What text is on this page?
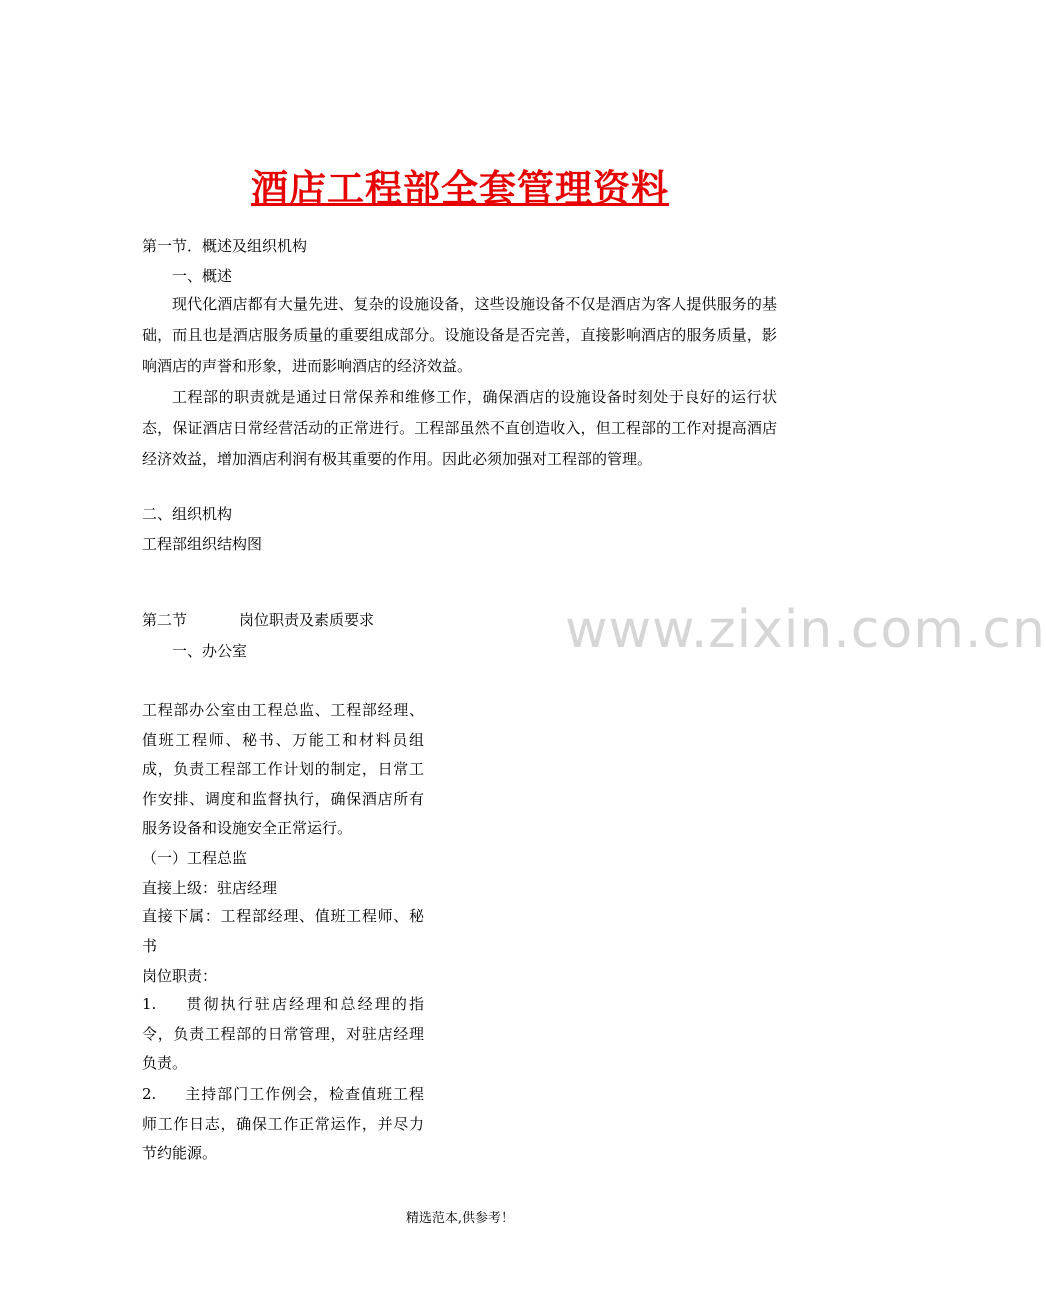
酒店工程部全套管理资料
第一节．概述及组织机构
一、概述
现代化酒店都有大量先进、复杂的设施设备，这些设施设备不仅是酒店为客人提供服务的基础，而且也是酒店服务质量的重要组成部分。设施设备是否完善，直接影响酒店的服务质量，影响酒店的声誉和形象，进而影响酒店的经济效益。
工程部的职责就是通过日常保养和维修工作，确保酒店的设施设备时刻处于良好的运行状态，保证酒店日常经营活动的正常进行。工程部虽然不直创造收入，但工程部的工作对提高酒店经济效益，增加酒店利润有极其重要的作用。因此必须加强对工程部的管理。
二、组织机构
工程部组织结构图
www.zixin.com.cn
第二节	岗位职责及素质要求
一、办公室
工程部办公室由工程总监、工程部经理、值班工程师、秘书、万能工和材料员组成，负责工程部工作计划的制定，日常工作安排、调度和监督执行，确保酒店所有服务设备和设施安全正常运行。
（一）工程总监
直接上级：驻店经理
直接下属：工程部经理、值班工程师、秘书
岗位职责：
1. 贯彻执行驻店经理和总经理的指令，负责工程部的日常管理，对驻店经理负责。
2. 主持部门工作例会，检查值班工程师工作日志，确保工作正常运作，并尽力节约能源。
精选范本,供参考！
